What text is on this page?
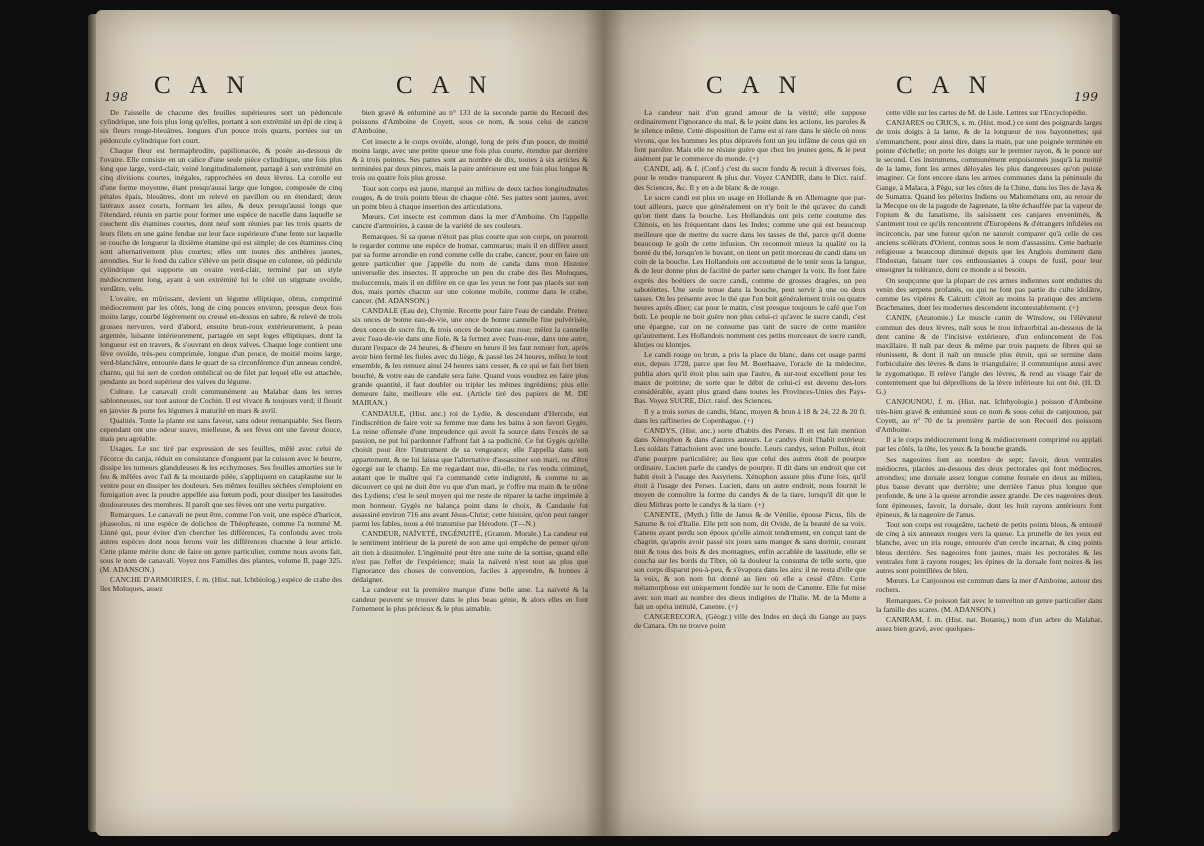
198 C A N	C A N

De l'aisselle de chacune des feuilles supérieures sort un pédoncule cylindrique, une fois plus long qu'elles, portant à son extrémité un épi de cinq à six fleurs rouge-bleuâtres, longues d'un pouce trois quarts, portées sur un pédoncule cylindrique fort court.

Chaque fleur est hermaphrodite, papilionacée, & posée au-dessous de l'ovaire. Elle consiste en un calice d'une seule pièce cylindrique, une fois plus long que large, verd-clair, veiné longitudinalement, partagé à son extrémité en cinq divisions courtes, inégales, rapprochées en deux lèvres. La corolle est d'une forme moyenne, étant presqu'aussi large que longue, composée de cinq pétales épais, bleuâtres, dont un relevé en pavillon ou en étendard; deux latéraux assez courts, formant les ailes, & deux presqu'aussi longs que l'étendard, réunis en partie pour former une espèce de nacelle dans laquelle se couchent dix étamines courtes, dont neuf sont réunies par les trois quarts de leurs filets en une gaine fendue sur leur face supérieure d'une fente sur laquelle se couche de longueur la dixième étamine qui est simple; de ces étamines cinq sont alternativement plus courtes; elles ont toutes des anthères jaunes, arrondies. Sur le fond du calice s'élève un petit disque en colonne, où pédicule cylindrique qui supporte un ovaire verd-clair, terminé par un style médiocrement long, ayant à son extrémité lui le côté un stigmate ovoïde, verdâtre, velu.

L'ovaire, en mûrissant, devient un légume elliptique, obtus, comprimé médiocrement par les côtés, long de cinq pouces environ, presque deux fois moins large, courbé légèrement ou creusé en-dessus en sabre, & relevé de trois grosses nervures, verd d'abord, ensuite brun-roux extérieurement, à peau argentée, luisante intérieurement, partagée en sept loges elliptiques, dont la longueur est en travers, & s'ouvrant en deux valves. Chaque loge contient une fève ovoïde, très-peu comprimée, longue d'un pouce, de moitié moins large, verd-blanchâtre, entourée dans le quart de sa circonférence d'un anneau cendré, charnu, qui lui sert de cordon ombilical ou de filet par lequel elle est attachée, pendante au bord supérieur des valves du légume.

Culture. Le canavali croît communément au Malabar dans les terres sablonneuses, sur tout autour de Cochin. Il est vivace & toujours verd; il fleurit en janvier & porte fes légumes à maturité en mars & avril.

Qualités. Toute la plante est sans faveur, sans odeur remarquable. Ses fleurs cependant ont une odeur suave, mielleuse, & ses fèves ont une faveur douce, mais peu agréable.

Usages. Le suc tiré par expression de ses feuilles, mêlé avec celui de l'écorce du canja, réduit en consistance d'onguent par la cuisson avec le beurre, dissipe les tumeurs glanduleuses & les ecchymoses. Ses feuilles amorties sur le feu & mêlées avec l'ail & la moutarde pilée, s'appliquent en cataplasme sur le ventre pour en dissiper les douleurs. Ses mêmes feuilles séchées s'emploient en fumigation avec la poudre appellée asa fœtum podi, pour dissiper les lassitudes douloureuses des membres. Il paroît que ses fèves ont une vertu purgative.

Remarques. Le canavali ne peut être, comme l'on voit, une espèce d'haricot, phaseolus, ni une espèce de dolichos de Théophraste, comme l'a nommé M. Linné qui, pour éviter d'en chercher les différences, l'a confondu avec trois autres espèces dont nous ferons voir les différences chacune à leur article. Cette plante mérite donc de faire un genre particulier, comme nous avons fait, sous le nom de canavali. Voyez nos Familles des plantes, volume II, page 325. (M. ADANSON.)

CANCHE D'ARMOIRIES, f. m. (Hist. nat. Ichthiolog.) espèce de crabe des îles Moluques, assez

bien gravé & enluminé au n° 133 de la seconde partie du Recueil des poissons d'Amboine de Coyett, sous ce nom, & sous celui de cancre d'Amboine.

Cet insecte a le corps ovoïde, alongé, long de près d'un pouce, de moitié moins large, avec une petite queue une fois plus courte, étendue par derrière & à trois pointes. Ses pattes sont au nombre de dix, toutes à six articles & terminées par deux pinces, mais la paire antérieure est une fois plus longue & trois ou quatre fois plus grosse.

Tout son corps est jaune, marqué au milieu de deux taches longitudinales rouges, & de trois points bleus de chaque côté. Ses pattes sont jaunes, avec un point bleu à chaque insertion des articulations.

Mœurs. Cet insecte est commun dans la mer d'Amboine. On l'appelle cancre d'armoiries, à cause de la variété de ses couleurs.

Remarques. Si sa queue n'étoit pas plus courte que son corps, on pourroit le regarder comme une espèce de homar, cammarus; mais il en diffère assez par sa forme arrondie en rond comme celle du crabe, cancer, pour en faire un genre particulier que j'appelle du nom de canda dans mon Histoire universelle des insectes. Il approche un peu du crabe des îles Moluques, moluccensis, mais il en diffère en ce que les yeux ne font pas placés sur son dos, mais portés chacun sur une colonne mobile, comme dans le crabe, cancer. (M. ADANSON.)

CANDALE (Eau de), Chymie. Recette pour faire l'eau de candale. Prenez six onces de bonne eau-de-vie, une once de bonne cannelle fine pulvérisée, deux onces de sucre fin, & trois onces de bonne eau rose; mêlez la cannelle avec l'eau-de-vie dans une fiole, & la fermez avec l'eau-rose, dans une autre, durant l'espace de 24 heures, & d'heure en heure il les faut remuer fort, après avoir bien fermé les fioles avec du liège, & passé les 24 heures, mêlez le tout ensemble, & les remuez ainsi 24 heures sans cesser, & ce qui se fait fort bien bouché, & votre eau de candale sera faite. Quand vous voudrez en faire plus grande quantité, il faut doubler ou tripler les mêmes ingrédiens; plus elle demeure faite, meilleure elle est. (Article tiré des papiers de M. DE MAIRAN.)

CANDAULE, (Hist. anc.) roi de Lydie, & descendant d'Hercule, eut l'indiscrétion de faire voir sa femme nue dans les bains à son favori Gygès. La reine offensée d'une imprudence qui avoit fa source dans l'excès de sa passion, ne put lui pardonner l'affront fait à sa pudicité. Ce fut Gygès qu'elle choisit pour être l'instrument de sa vengeance; elle l'appella dans son appartement, & ne lui laissa que l'alternative d'assassiner son mari, ou d'être égorgé sur le champ. En me regardant nue, dit-elle, tu t'es rendu criminel, autant que le maître qui t'a commandé cette indignité, & comme tu as découvert ce qui ne doit être vu que d'un mari, je t'offre ma main & le trône des Lydiens; c'est le seul moyen qui me reste de réparer la tache imprimée à mon honneur. Gygès ne balança point dans le choix, & Candaule fut assassiné environ 716 ans avant Jésus-Christ; cette histoire, qu'on peut ranger parmi les fables, nous a été transmise par Hérodote. (T—N.)

CANDEUR, NAÏVETÉ, INGÉNUITÉ, (Gramm. Morale.) La candeur est le sentiment intérieur de la pureté de son ame qui empêche de penser qu'on ait rien à dissimuler. L'ingénuité peut être une suite de la sottise, quand elle n'est pas l'effet de l'expérience; mais la naïveté n'est tout au plus que l'ignorance des choses de convention, faciles à apprendre, & bonnes à dédaigner.

La candeur est la première marque d'une belle ame. La naïveté & la candeur peuvent se trouver dans le plus beau génie, & alors elles en font l'ornement le plus précieux & le plus aimable.

C A N	C A N	199

La candeur nait d'un grand amour de la vérité; elle suppose ordinairement l'ignorance du mal, & le point dans les actions, les paroles & le silence même. Cette disposition de l'ame est si rare dans le siècle où nous vivons, que les hommes les plus dépravés font un jeu infâme de ceux qui en font paroître. Mais elle ne résiste guère que chez les jeunes gens, & le peut aisément par le commerce du monde. (+)

CANDI, adj. & f. (Conf.) c'est du sucre fondu & recuit à diverses fois, pour le rendre transparent & plus dur. Voyez CANDIR, dans le Dict. raisf. des Sciences, &c. Il y en a de blanc & de rouge.

Le sucre candi est plus en usage en Hollande & en Allemagne que par-tout ailleurs, parce que généralement on n'y boit le thé qu'avec du candi qu'on tient dans la bouche. Les Hollandois ont pris cette coutume des Chinois, en les fréquentant dans les Indes; comme une qui est beaucoup meilleure que de mettre du sucre dans les tasses de thé, parce qu'il donne beaucoup le goût de cette infusion. On reconnoit mieux la qualité ou la bonté du thé, lorsqu'en le buvant, on tient un petit morceau de candi dans un coin de la bouche. Les Hollandois ont accoutumé de le tenir sous la langue, & de leur donne plus de facilité de parler sans changer la voix. Ils font faire exprès des boëtiers de sucre candi, comme de grosses dragées, un peu sabotéettes. Une seule tenue dans la bouche, peut servir à une ou deux tasses. On les présente avec le thé que l'on boit généralement trois ou quatre heures après dîner; car pour le matin, c'est presque toujours le café que l'on boit. Le peuple ne boit guère non plus celui-ci qu'avec le sucre candi, c'est une épargne, car on ne consume pas tant de sucre de cette manière qu'autrement. Les Hollandois nomment ces petits morceaux de sucre candi, klutjes ou klontjes.

Le candi rouge ou brun, a pris la place du blanc, dans cet usage parmi eux, depuis 1728, parce que feu M. Boerhaave, l'oracle de la médecine, publia alors qu'il étoit plus sain que l'autre, & sur-tout excellent pour les maux de poitrine; de sorte que le débit de celui-ci est devenu des-lors considérable, ayant plus grand dans toutes les Provinces-Unies des Pays-Bas. Voyez SUCRE, Dict. raisf. des Sciences.

Il y a trois sortes de candis, blanc, moyen & brun à 18 & 24, 22 & 20 fl. dans les raffineries de Copenhague. (+)

CANDYS, (Hist. anc.) sorte d'habits des Perses. Il en est fait mention dans Xénophon & dans d'autres auteurs. Le candys étoit l'habit extérieur. Les soldats l'attachoient avec une boucle. Leurs candys, selon Pollux, étoit d'une pourpre particulière; au lieu que celui des autres étoit de pourpre ordinaire. Lucien parle du candys de pourpre. Il dit dans un endroit que cet habit étoit à l'usage des Assyriens. Xénophon assure plus d'une fois, qu'il étoit à l'usage des Perses. Lucien, dans un autre endroit, nous fournit le moyen de connoître la forme du candys & de la tiare, lorsqu'il dit que le dieu Mithras porte le candys & la tiare. (+)

CANENTE, (Myth.) fille de Janus & de Vénilie, épouse Picus, fils de Saturne & roi d'Italie. Elle prit son nom, dit Ovide, de la beauté de sa voix. Canens ayant perdu son époux qu'elle aimoit tendrement, en conçut tant de chagrin, qu'après avoir passé six jours sans manger & sans dormir, courant nuit & tous des bois & des montagnes, enfin accablée de lassitude, elle se coucha sur les bords du Tibre, où la douleur la consuma de telle sorte, que son corps disparut peu-à-peu, & s'évapora dans les airs: il ne resta d'elle que la voix, & son nom fut donné au lieu où elle a cessé d'être. Cette métamorphose est uniquement fondée sur le nom de Canente. Elle fut mise avec son mari au nombre des dieux indigètes de l'Italie. M. de la Motte a fait un opéra intitulé, Canente. (+)

CANGERECORA, (Géogr.) ville des Indes en deçà du Gange au pays de Canara. On ne trouve point

cette ville sur les cartes de M. de Lisle. Lettres sur l'Encyclopédie.

CANJARES ou CRICS, s. m. (Hist. mod.) ce sont des poignards larges de trois doigts à la lame, & de la longueur de nos bayonnettes; qui s'emmanchent, pour ainsi dire, dans la main, par une poignée terminée en pointe d'échelle; on porte les doigts sur le premier rayon, & le pouce sur le second. Ces instrumens, communément empoisonnés jusqu'à la moitié de la lame, font les armes déloyales les plus dangereuses qu'on puisse imaginer. Ce font encore dans les armes communes dans la péninsule du Gange, à Malaca, à Pégu, sur les côtes de la Chine, dans les îles de Java & de Sumatra. Quand les pèlerins Indiens ou Mahométans ont, au retour de la Mecque ou de la pagode de Jagrenate, la tête échauffée par la vapeur de l'opium & du fanatisme, ils saisissent ces canjares envenimés, & s'animent tout ce qu'ils rencontrent d'Européens & d'étrangers infidèles ou incirconcis, par une fureur qu'on ne sauroit comparer qu'à celle de ces anciens scélérats d'Orient, connus sous le nom d'assassins. Cette barbarie religieuse a beaucoup diminué depuis que les Anglois dominent dans l'Indostan, faisant tuer ces enthousiastes à coups de fusil, pour leur enseigner la tolérance, dont ce monde a si besoin.

On soupçonne que la plupart de ces armes indiennes sont enduites du venin des serpens profanés, ou qui ne font pas partie du culte idolâtre, comme les vipères & Calcutt: c'étoit au moins la pratique des anciens Brachmanes, dont les modernes descendent incontestablement. (+)

CANIN, (Anatomie.) Le muscle canin de Winslow, ou l'élévateur commun des deux lèvres, naît sous le trou infraorbital au-dessous de la dent canine & de l'incisive extérieure, d'un enfoncement de l'os maxillaire. Il naît par deux & même par trois paquets de fibres qui se réunissent, & dont il naît un muscle plus étroit, qui se termine dans l'orbiculaire des lèvres & dans le triangulaire; il communique aussi avec le zygomatique. Il relève l'angle des lèvres, & rend au visage l'air de contentement que lui déprellions de la lèvre inférieure lui ont ôté. (H. D. G.)

CANJOUNOU, f. m. (Hist. nat. Ichthyologie.) poisson d'Amboine très-bien gravé & enluminé sous ce nom & sous celui de canjounou, par Coyett, au n° 70 de la première partie de son Recueil des poissons d'Amboine.

Il a le corps médiocrement long & médiocrement comprimé ou applati par les côtés, la tête, les yeux & la bouche grands.

Ses nageoires font au nombre de sept; favoir, deux ventrales médiocres, placées au-dessous des deux pectorales qui font médiocres, arrondies; une dorsale assez longue comme festuée en deux au milieu, plus basse devant que derrière; une derrière l'anus plus longue que profonde, & une à la queue arrondie assez grande. De ces nageoires deux font épineuses, favoir, la dorsale, dont les huit rayons antérieurs font épineux, & la nageoire de l'anus.

Tout son corps est rougeâtre, tacheté de petits points bleus, & entouré de cinq à six anneaux rouges vers la queue. La prunelle de les yeux est blanche, avec un iris rouge, entourée d'un cercle incarnat, & cinq points bleus derrière. Ses nageoires font jaunes, mais les pectorales & les ventrales font à rayons rouges; les épines de la dorsale font noires & les autres sont pointillées de bleu.

Mœurs. Le Canjounou est commun dans la mer d'Amboine, autour des rochers.

Remarques. Ce poisson fait avec le tonvelton un genre particulier dans la famille des scares. (M. ADANSON.)

CANIRAM, f. m. (Hist. nat. Botaniq.) nom d'un arbre du Malabar, assez bien gravé, avec quelques-
